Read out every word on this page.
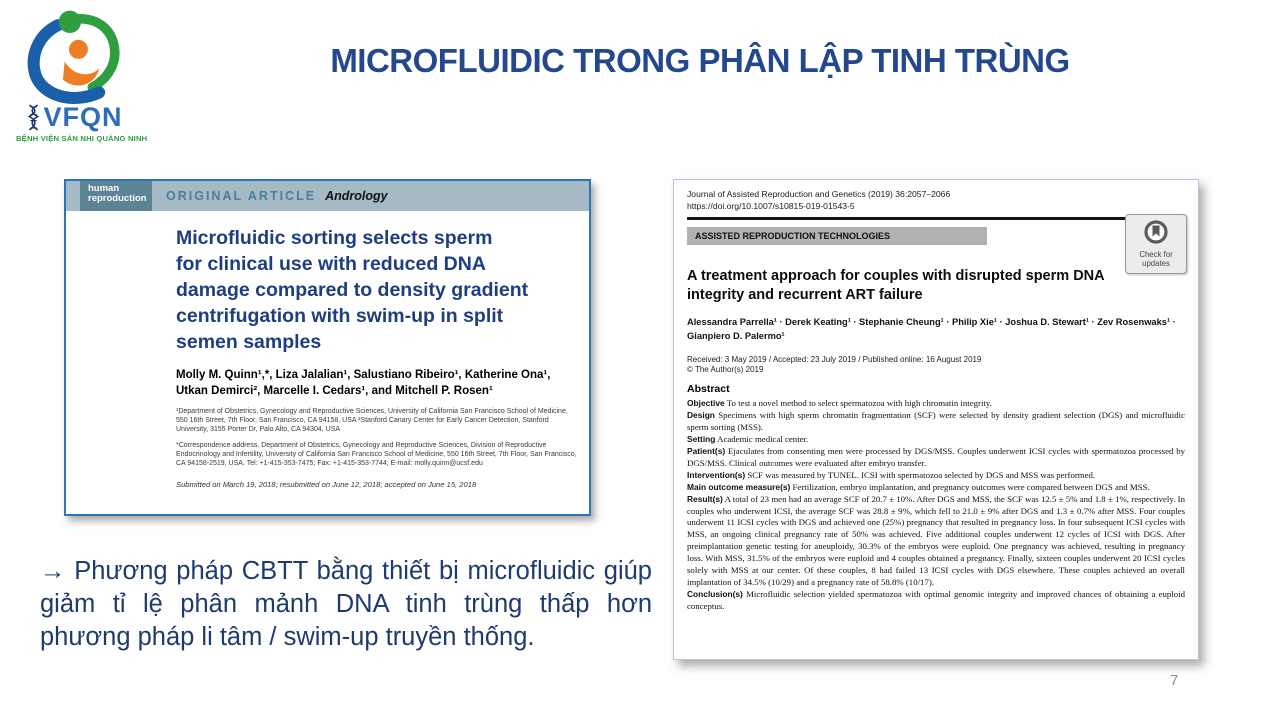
VFQN
BỆNH VIỆN SẢN NHI QUẢNG NINH
MICROFLUIDIC TRONG PHÂN LẬP TINH TRÙNG
human reproduction	ORIGINAL ARTICLE Andrology
Microfluidic sorting selects sperm
for clinical use with reduced DNA
damage compared to density gradient
centrifugation with swim-up in split
semen samples
Molly M. Quinn¹,*, Liza Jalalian¹, Salustiano Ribeiro¹, Katherine Ona¹,
Utkan Demirci², Marcelle I. Cedars¹, and Mitchell P. Rosen¹
¹Department of Obstetrics, Gynecology and Reproductive Sciences, University of California San Francisco School of Medicine, 550 16th Street, 7th Floor, San Francisco, CA 94158, USA ²Stanford Canary Center for Early Cancer Detection, Stanford University, 3155 Porter Dr, Palo Alto, CA 94304, USA
*Correspondence address. Department of Obstetrics, Gynecology and Reproductive Sciences, Division of Reproductive Endocrinology and Infertility, University of California San Francisco School of Medicine, 550 16th Street, 7th Floor, San Francisco, CA 94158-2519, USA. Tel: +1-415-353-7475; Fax: +1-415-353-7744; E-mail: molly.quinn@ucsf.edu
Submitted on March 19, 2018; resubmitted on June 12, 2018; accepted on June 15, 2018
Journal of Assisted Reproduction and Genetics (2019) 36:2057–2066
https://doi.org/10.1007/s10815-019-01543-5
ASSISTED REPRODUCTION TECHNOLOGIES
Check for updates
A treatment approach for couples with disrupted sperm DNA integrity and recurrent ART failure
Alessandra Parrella¹ · Derek Keating¹ · Stephanie Cheung¹ · Philip Xie¹ · Joshua D. Stewart¹ · Zev Rosenwaks¹ · Gianpiero D. Palermo¹
Received: 3 May 2019 / Accepted: 23 July 2019 / Published online: 16 August 2019
© The Author(s) 2019
Abstract
Objective To test a novel method to select spermatozoa with high chromatin integrity.
Design Specimens with high sperm chromatin fragmentation (SCF) were selected by density gradient selection (DGS) and microfluidic sperm sorting (MSS).
Setting Academic medical center.
Patient(s) Ejaculates from consenting men were processed by DGS/MSS. Couples underwent ICSI cycles with spermatozoa processed by DGS/MSS. Clinical outcomes were evaluated after embryo transfer.
Intervention(s) SCF was measured by TUNEL. ICSI with spermatozoa selected by DGS and MSS was performed.
Main outcome measure(s) Fertilization, embryo implantation, and pregnancy outcomes were compared between DGS and MSS.
Result(s) A total of 23 men had an average SCF of 20.7 ± 10%. After DGS and MSS, the SCF was 12.5 ± 5% and 1.8 ± 1%, respectively. In couples who underwent ICSI, the average SCF was 28.8 ± 9%, which fell to 21.0 ± 9% after DGS and 1.3 ± 0.7% after MSS. Four couples underwent 11 ICSI cycles with DGS and achieved one (25%) pregnancy that resulted in pregnancy loss. In four subsequent ICSI cycles with MSS, an ongoing clinical pregnancy rate of 50% was achieved. Five additional couples underwent 12 cycles of ICSI with DGS. After preimplantation genetic testing for aneuploidy, 30.3% of the embryos were euploid. One pregnancy was achieved, resulting in pregnancy loss. With MSS, 31.5% of the embryos were euploid and 4 couples obtained a pregnancy. Finally, sixteen couples underwent 20 ICSI cycles solely with MSS at our center. Of these couples, 8 had failed 13 ICSI cycles with DGS elsewhere. These couples achieved an overall implantation of 34.5% (10/29) and a pregnancy rate of 58.8% (10/17).
Conclusion(s) Microfluidic selection yielded spermatozoa with optimal genomic integrity and improved chances of obtaining a euploid conceptus.
→ Phương pháp CBTT bằng thiết bị microfluidic giúp giảm tỉ lệ phân mảnh DNA tinh trùng thấp hơn phương pháp li tâm / swim-up truyền thống.
7
